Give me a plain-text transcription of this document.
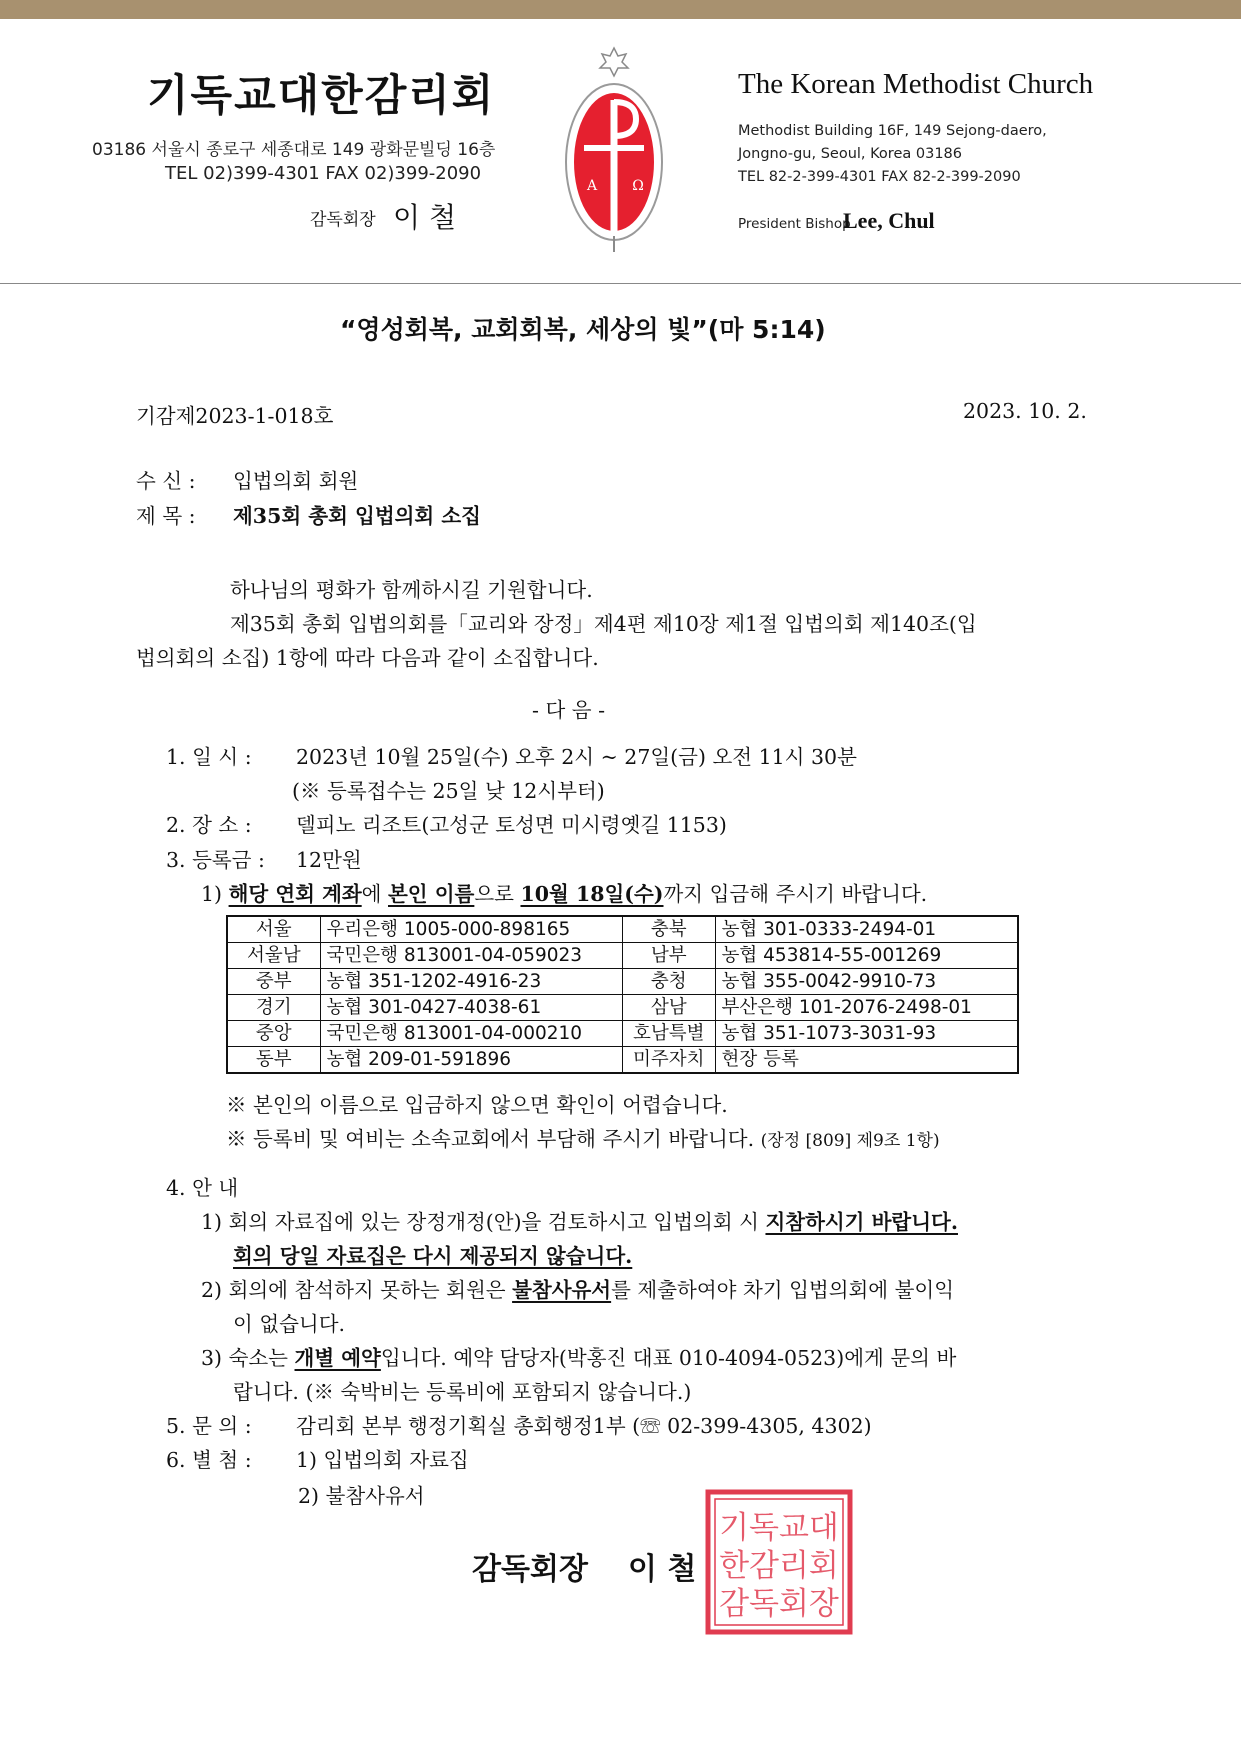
기독교대한감리회
03186 서울시 종로구 세종대로 149 광화문빌딩 16층
TEL 02)399-4301 FAX 02)399-2090
감독회장 이 철
Α	Ω
The Korean Methodist Church
Methodist Building 16F, 149 Sejong-daero,
Jongno-gu, Seoul, Korea 03186
TEL 82-2-399-4301 FAX 82-2-399-2090
President Bishop
Lee, Chul
“영성회복, 교회회복, 세상의 빛”(마 5:14)
기감제2023-1-018호	2023. 10. 2.
수 신 : 입법의회 회원
제 목 : 제35회 총회 입법의회 소집
하나님의 평화가 함께하시길 기원합니다.
제35회 총회 입법의회를「교리와 장정」제4편 제10장 제1절 입법의회 제140조(입
법의회의 소집) 1항에 따라 다음과 같이 소집합니다.
- 다 음 -
1. 일 시 : 2023년 10월 25일(수) 오후 2시 ~ 27일(금) 오전 11시 30분
(※ 등록접수는 25일 낮 12시부터)
2. 장 소 : 델피노 리조트(고성군 토성면 미시령옛길 1153)
3. 등록금 : 12만원
1) 해당 연회 계좌에 본인 이름으로 10월 18일(수)까지 입금해 주시기 바랍니다.
서울	우리은행 1005-000-898165	충북	농협 301-0333-2494-01
서울남	국민은행 813001-04-059023	남부	농협 453814-55-001269
중부	농협 351-1202-4916-23	충청	농협 355-0042-9910-73
경기	농협 301-0427-4038-61	삼남	부산은행 101-2076-2498-01
중앙	국민은행 813001-04-000210	호남특별	농협 351-1073-3031-93
동부	농협 209-01-591896	미주자치	현장 등록
※ 본인의 이름으로 입금하지 않으면 확인이 어렵습니다.
※ 등록비 및 여비는 소속교회에서 부담해 주시기 바랍니다. (장정 [809] 제9조 1항)
4. 안 내
1) 회의 자료집에 있는 장정개정(안)을 검토하시고 입법의회 시 지참하시기 바랍니다.
회의 당일 자료집은 다시 제공되지 않습니다.
2) 회의에 참석하지 못하는 회원은 불참사유서를 제출하여야 차기 입법의회에 불이익
이 없습니다.
3) 숙소는 개별 예약입니다. 예약 담당자(박홍진 대표 010-4094-0523)에게 문의 바
랍니다. (※ 숙박비는 등록비에 포함되지 않습니다.)
5. 문 의 : 감리회 본부 행정기획실 총회행정1부 (☏ 02-399-4305, 4302)
6. 별 첨 : 1) 입법의회 자료집
2) 불참사유서
기독교대
한감리회
감독회장
감독회장 이 철
